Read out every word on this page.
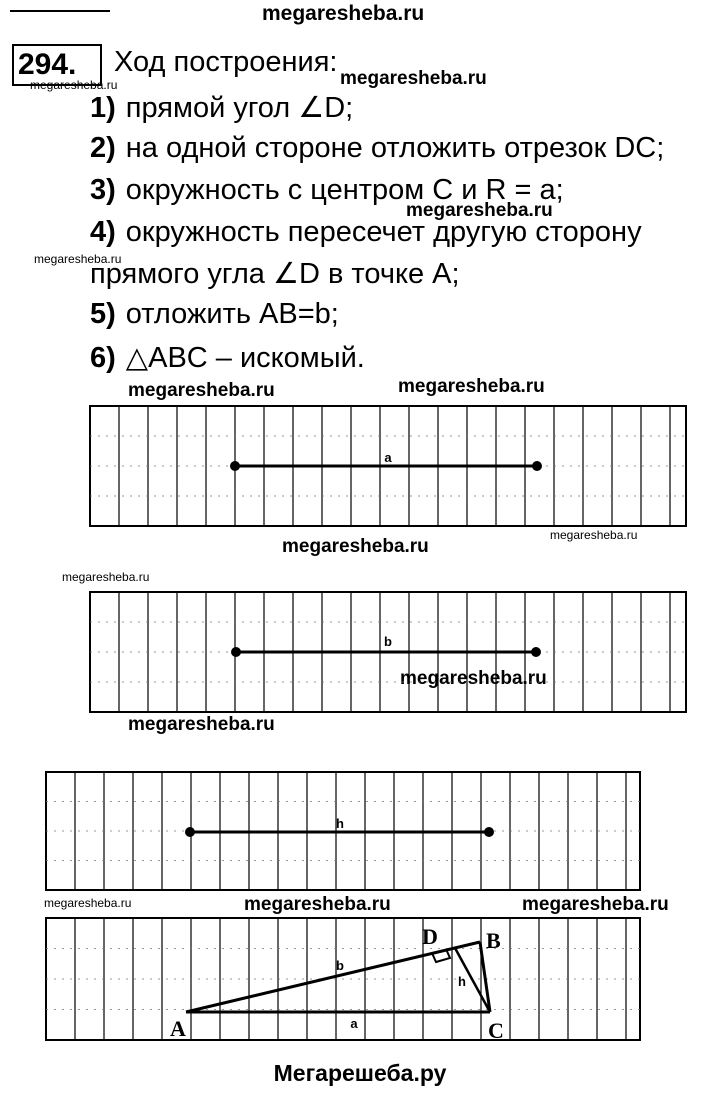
megaresheba.ru
megaresheba.ru	megaresheba.ru
megaresheba.ru
megaresheba.ru
megaresheba.ru	megaresheba.ru
megaresheba.ru
megaresheba.ru
megaresheba.ru
megaresheba.ru
megaresheba.ru
megaresheba.ru	megaresheba.ru	megaresheba.ru
294.	Ход построения:
1) прямой угол ∠D;
2) на одной стороне отложить отрезок DC;
3) окружность с центром C и R = a;
4) окружность пересечет другую сторону
прямого угла ∠D в точке A;
5) отложить AB=b;
6) △ABC – искомый.
a
b
h
A
B
C
D
b
a
h
Мегарешеба.ру
